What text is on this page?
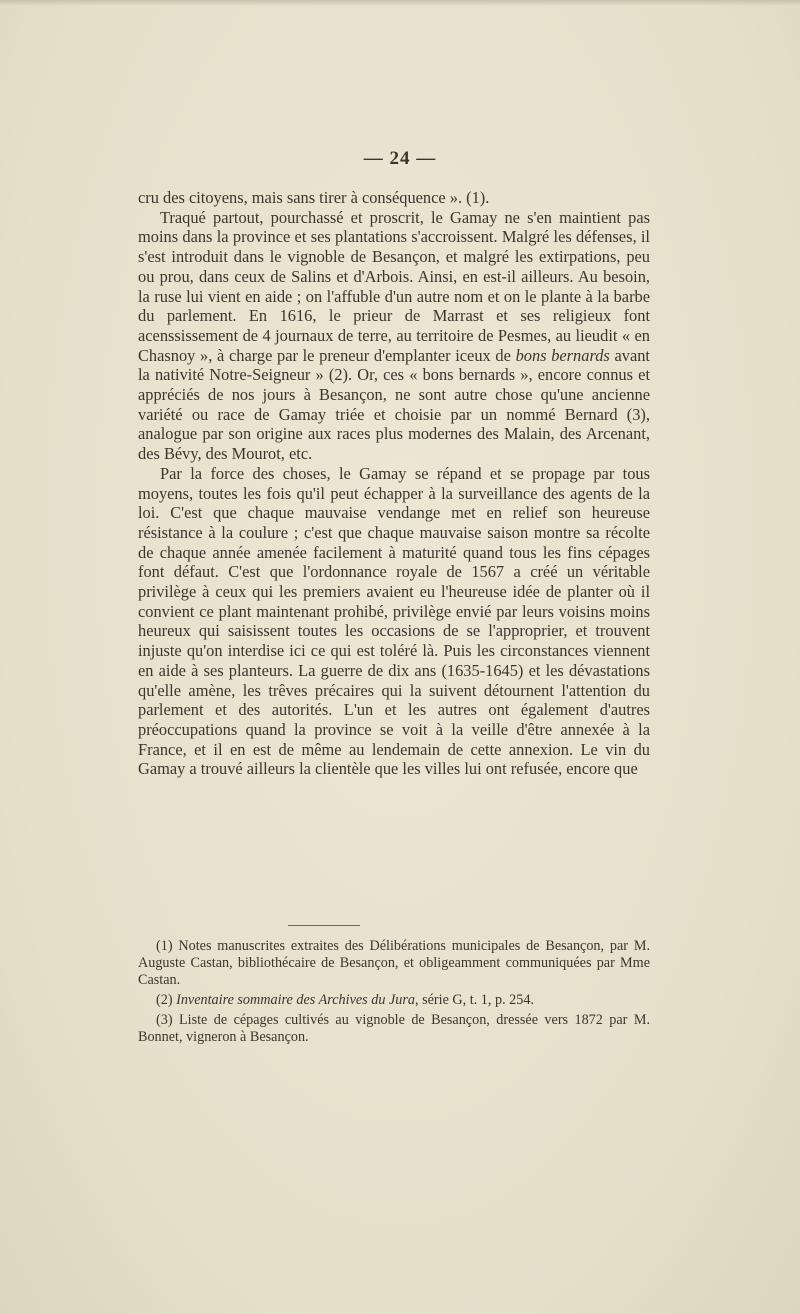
— 24 —

cru des citoyens, mais sans tirer à conséquence ». (1).

Traqué partout, pourchassé et proscrit, le Gamay ne s'en maintient pas moins dans la province et ses plantations s'accroissent. Malgré les défenses, il s'est introduit dans le vignoble de Besançon, et malgré les extirpations, peu ou prou, dans ceux de Salins et d'Arbois. Ainsi, en est-il ailleurs. Au besoin, la ruse lui vient en aide ; on l'affuble d'un autre nom et on le plante à la barbe du parlement. En 1616, le prieur de Marrast et ses religieux font acenssissement de 4 journaux de terre, au territoire de Pesmes, au lieudit « en Chasnoy », à charge par le preneur d'emplanter iceux de bons bernards avant la nativité Notre-Seigneur » (2). Or, ces « bons bernards », encore connus et appréciés de nos jours à Besançon, ne sont autre chose qu'une ancienne variété ou race de Gamay triée et choisie par un nommé Bernard (3), analogue par son origine aux races plus modernes des Malain, des Arcenant, des Bévy, des Mourot, etc.

Par la force des choses, le Gamay se répand et se propage par tous moyens, toutes les fois qu'il peut échapper à la surveillance des agents de la loi. C'est que chaque mauvaise vendange met en relief son heureuse résistance à la coulure ; c'est que chaque mauvaise saison montre sa récolte de chaque année amenée facilement à maturité quand tous les fins cépages font défaut. C'est que l'ordonnance royale de 1567 a créé un véritable privilège à ceux qui les premiers avaient eu l'heureuse idée de planter où il convient ce plant maintenant prohibé, privilège envié par leurs voisins moins heureux qui saisissent toutes les occasions de se l'approprier, et trouvent injuste qu'on interdise ici ce qui est toléré là. Puis les circonstances viennent en aide à ses planteurs. La guerre de dix ans (1635-1645) et les dévastations qu'elle amène, les trêves précaires qui la suivent détournent l'attention du parlement et des autorités. L'un et les autres ont également d'autres préoccupations quand la province se voit à la veille d'être annexée à la France, et il en est de même au lendemain de cette annexion. Le vin du Gamay a trouvé ailleurs la clientèle que les villes lui ont refusée, encore que

(1) Notes manuscrites extraites des Délibérations municipales de Besançon, par M. Auguste Castan, bibliothécaire de Besançon, et obligeamment communiquées par Mme Castan.

(2) Inventaire sommaire des Archives du Jura, série G, t. 1, p. 254.

(3) Liste de cépages cultivés au vignoble de Besançon, dressée vers 1872 par M. Bonnet, vigneron à Besançon.
